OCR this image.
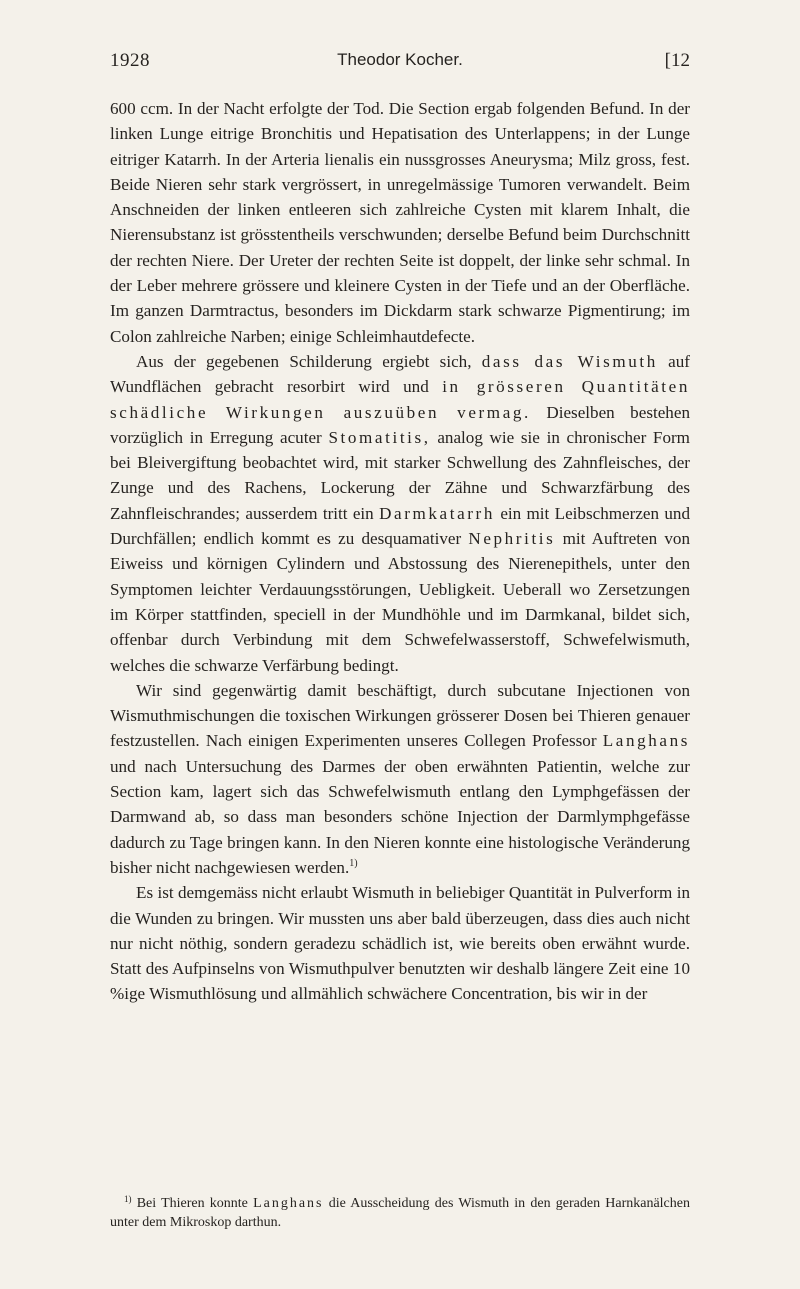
1928	Theodor Kocher.	[12

600 ccm. In der Nacht erfolgte der Tod. Die Section ergab folgenden Befund. In der linken Lunge eitrige Bronchitis und Hepatisation des Unterlappens; in der Lunge eitriger Katarrh. In der Arteria lienalis ein nussgrosses Aneurysma; Milz gross, fest. Beide Nieren sehr stark vergrössert, in unregelmässige Tumoren verwandelt. Beim Anschneiden der linken entleeren sich zahlreiche Cysten mit klarem Inhalt, die Nierensubstanz ist grösstentheils verschwunden; derselbe Befund beim Durchschnitt der rechten Niere. Der Ureter der rechten Seite ist doppelt, der linke sehr schmal. In der Leber mehrere grössere und kleinere Cysten in der Tiefe und an der Oberfläche. Im ganzen Darmtractus, besonders im Dickdarm stark schwarze Pigmentirung; im Colon zahlreiche Narben; einige Schleimhautdefecte.

Aus der gegebenen Schilderung ergiebt sich, dass das Wismuth auf Wundflächen gebracht resorbirt wird und in grösseren Quantitäten schädliche Wirkungen auszuüben vermag. Dieselben bestehen vorzüglich in Erregung acuter Stomatitis, analog wie sie in chronischer Form bei Bleivergiftung beobachtet wird, mit starker Schwellung des Zahnfleisches, der Zunge und des Rachens, Lockerung der Zähne und Schwarzfärbung des Zahnfleischrandes; ausserdem tritt ein Darmkatarrh ein mit Leibschmerzen und Durchfällen; endlich kommt es zu desquamativer Nephritis mit Auftreten von Eiweiss und körnigen Cylindern und Abstossung des Nierenepithels, unter den Symptomen leichter Verdauungsstörungen, Uebligkeit. Ueberall wo Zersetzungen im Körper stattfinden, speciell in der Mundhöhle und im Darmkanal, bildet sich, offenbar durch Verbindung mit dem Schwefelwasserstoff, Schwefelwismuth, welches die schwarze Verfärbung bedingt.

Wir sind gegenwärtig damit beschäftigt, durch subcutane Injectionen von Wismuthmischungen die toxischen Wirkungen grösserer Dosen bei Thieren genauer festzustellen. Nach einigen Experimenten unseres Collegen Professor Langhans und nach Untersuchung des Darmes der oben erwähnten Patientin, welche zur Section kam, lagert sich das Schwefelwismuth entlang den Lymphgefässen der Darmwand ab, so dass man besonders schöne Injection der Darmlymphgefässe dadurch zu Tage bringen kann. In den Nieren konnte eine histologische Veränderung bisher nicht nachgewiesen werden.$^{1)}$

Es ist demgemäss nicht erlaubt Wismuth in beliebiger Quantität in Pulverform in die Wunden zu bringen. Wir mussten uns aber bald überzeugen, dass dies auch nicht nur nicht nöthig, sondern geradezu schädlich ist, wie bereits oben erwähnt wurde. Statt des Aufpinselns von Wismuthpulver benutzten wir deshalb längere Zeit eine 10 %ige Wismuthlösung und allmählich schwächere Concentration, bis wir in der

$^{1)}$ Bei Thieren konnte Langhans die Ausscheidung des Wismuth in den geraden Harnkanälchen unter dem Mikroskop darthun.
